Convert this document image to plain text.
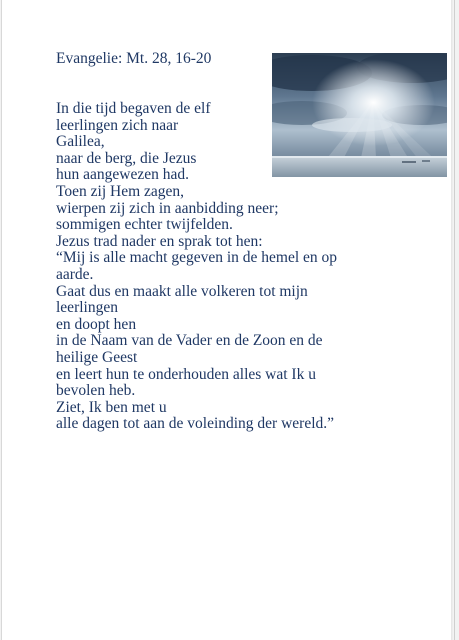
Evangelie: Mt. 28, 16-20
In die tijd begaven de elf
leerlingen zich naar
Galilea,
naar de berg, die Jezus
hun aangewezen had.
Toen zij Hem zagen,
wierpen zij zich in aanbidding neer;
sommigen echter twijfelden.
Jezus trad nader en sprak tot hen:
“Mij is alle macht gegeven in de hemel en op
aarde.
Gaat dus en maakt alle volkeren tot mijn
leerlingen
en doopt hen
in de Naam van de Vader en de Zoon en de
heilige Geest
en leert hun te onderhouden alles wat Ik u
bevolen heb.
Ziet, Ik ben met u
alle dagen tot aan de voleinding der wereld.”
